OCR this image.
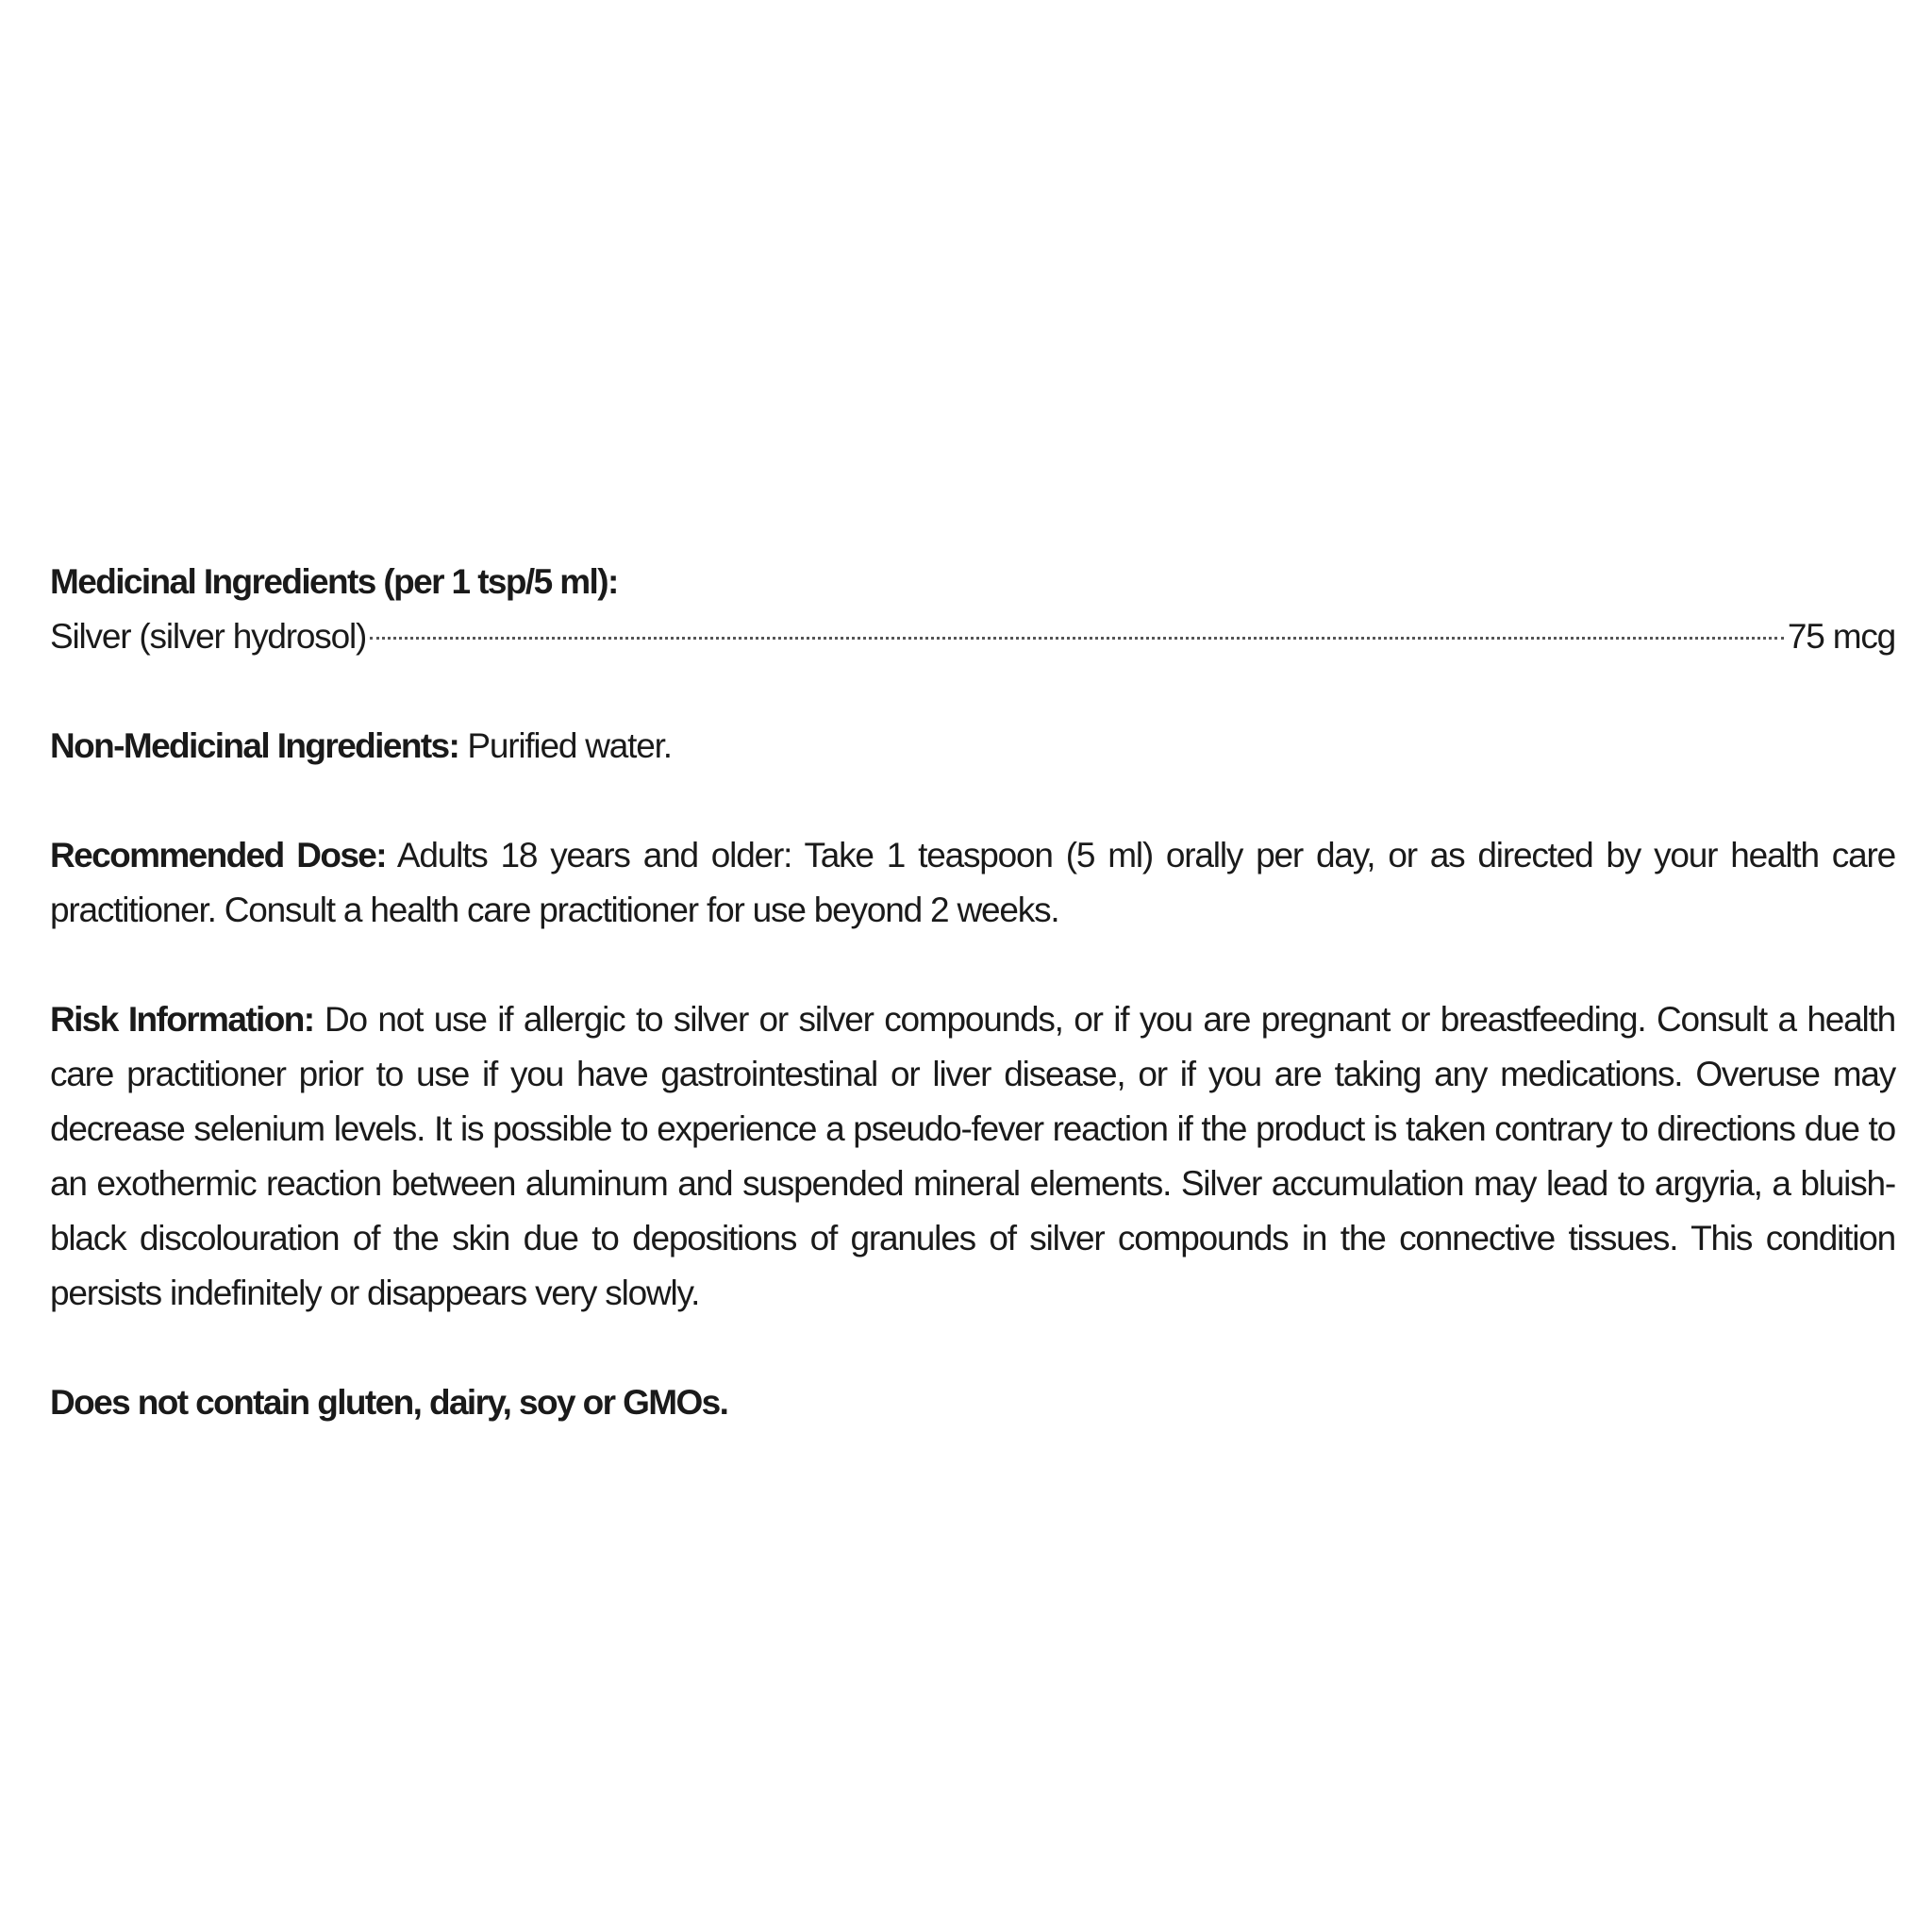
Medicinal Ingredients (per 1 tsp/5 ml):
Silver (silver hydrosol)	75 mcg
Non-Medicinal Ingredients: Purified water.
Recommended Dose: Adults 18 years and older: Take 1 teaspoon (5 ml) orally per day, or as directed by your health care practitioner. Consult a health care practitioner for use beyond 2 weeks.
Risk Information: Do not use if allergic to silver or silver compounds, or if you are pregnant or breastfeeding. Consult a health care practitioner prior to use if you have gastrointestinal or liver disease, or if you are taking any medications. Overuse may decrease selenium levels. It is possible to experience a pseudo-fever reaction if the product is taken contrary to directions due to an exothermic reaction between aluminum and suspended mineral elements. Silver accumulation may lead to argyria, a bluish-black discolouration of the skin due to depositions of granules of silver compounds in the connective tissues. This condition persists indefinitely or disappears very slowly.
Does not contain gluten, dairy, soy or GMOs.
